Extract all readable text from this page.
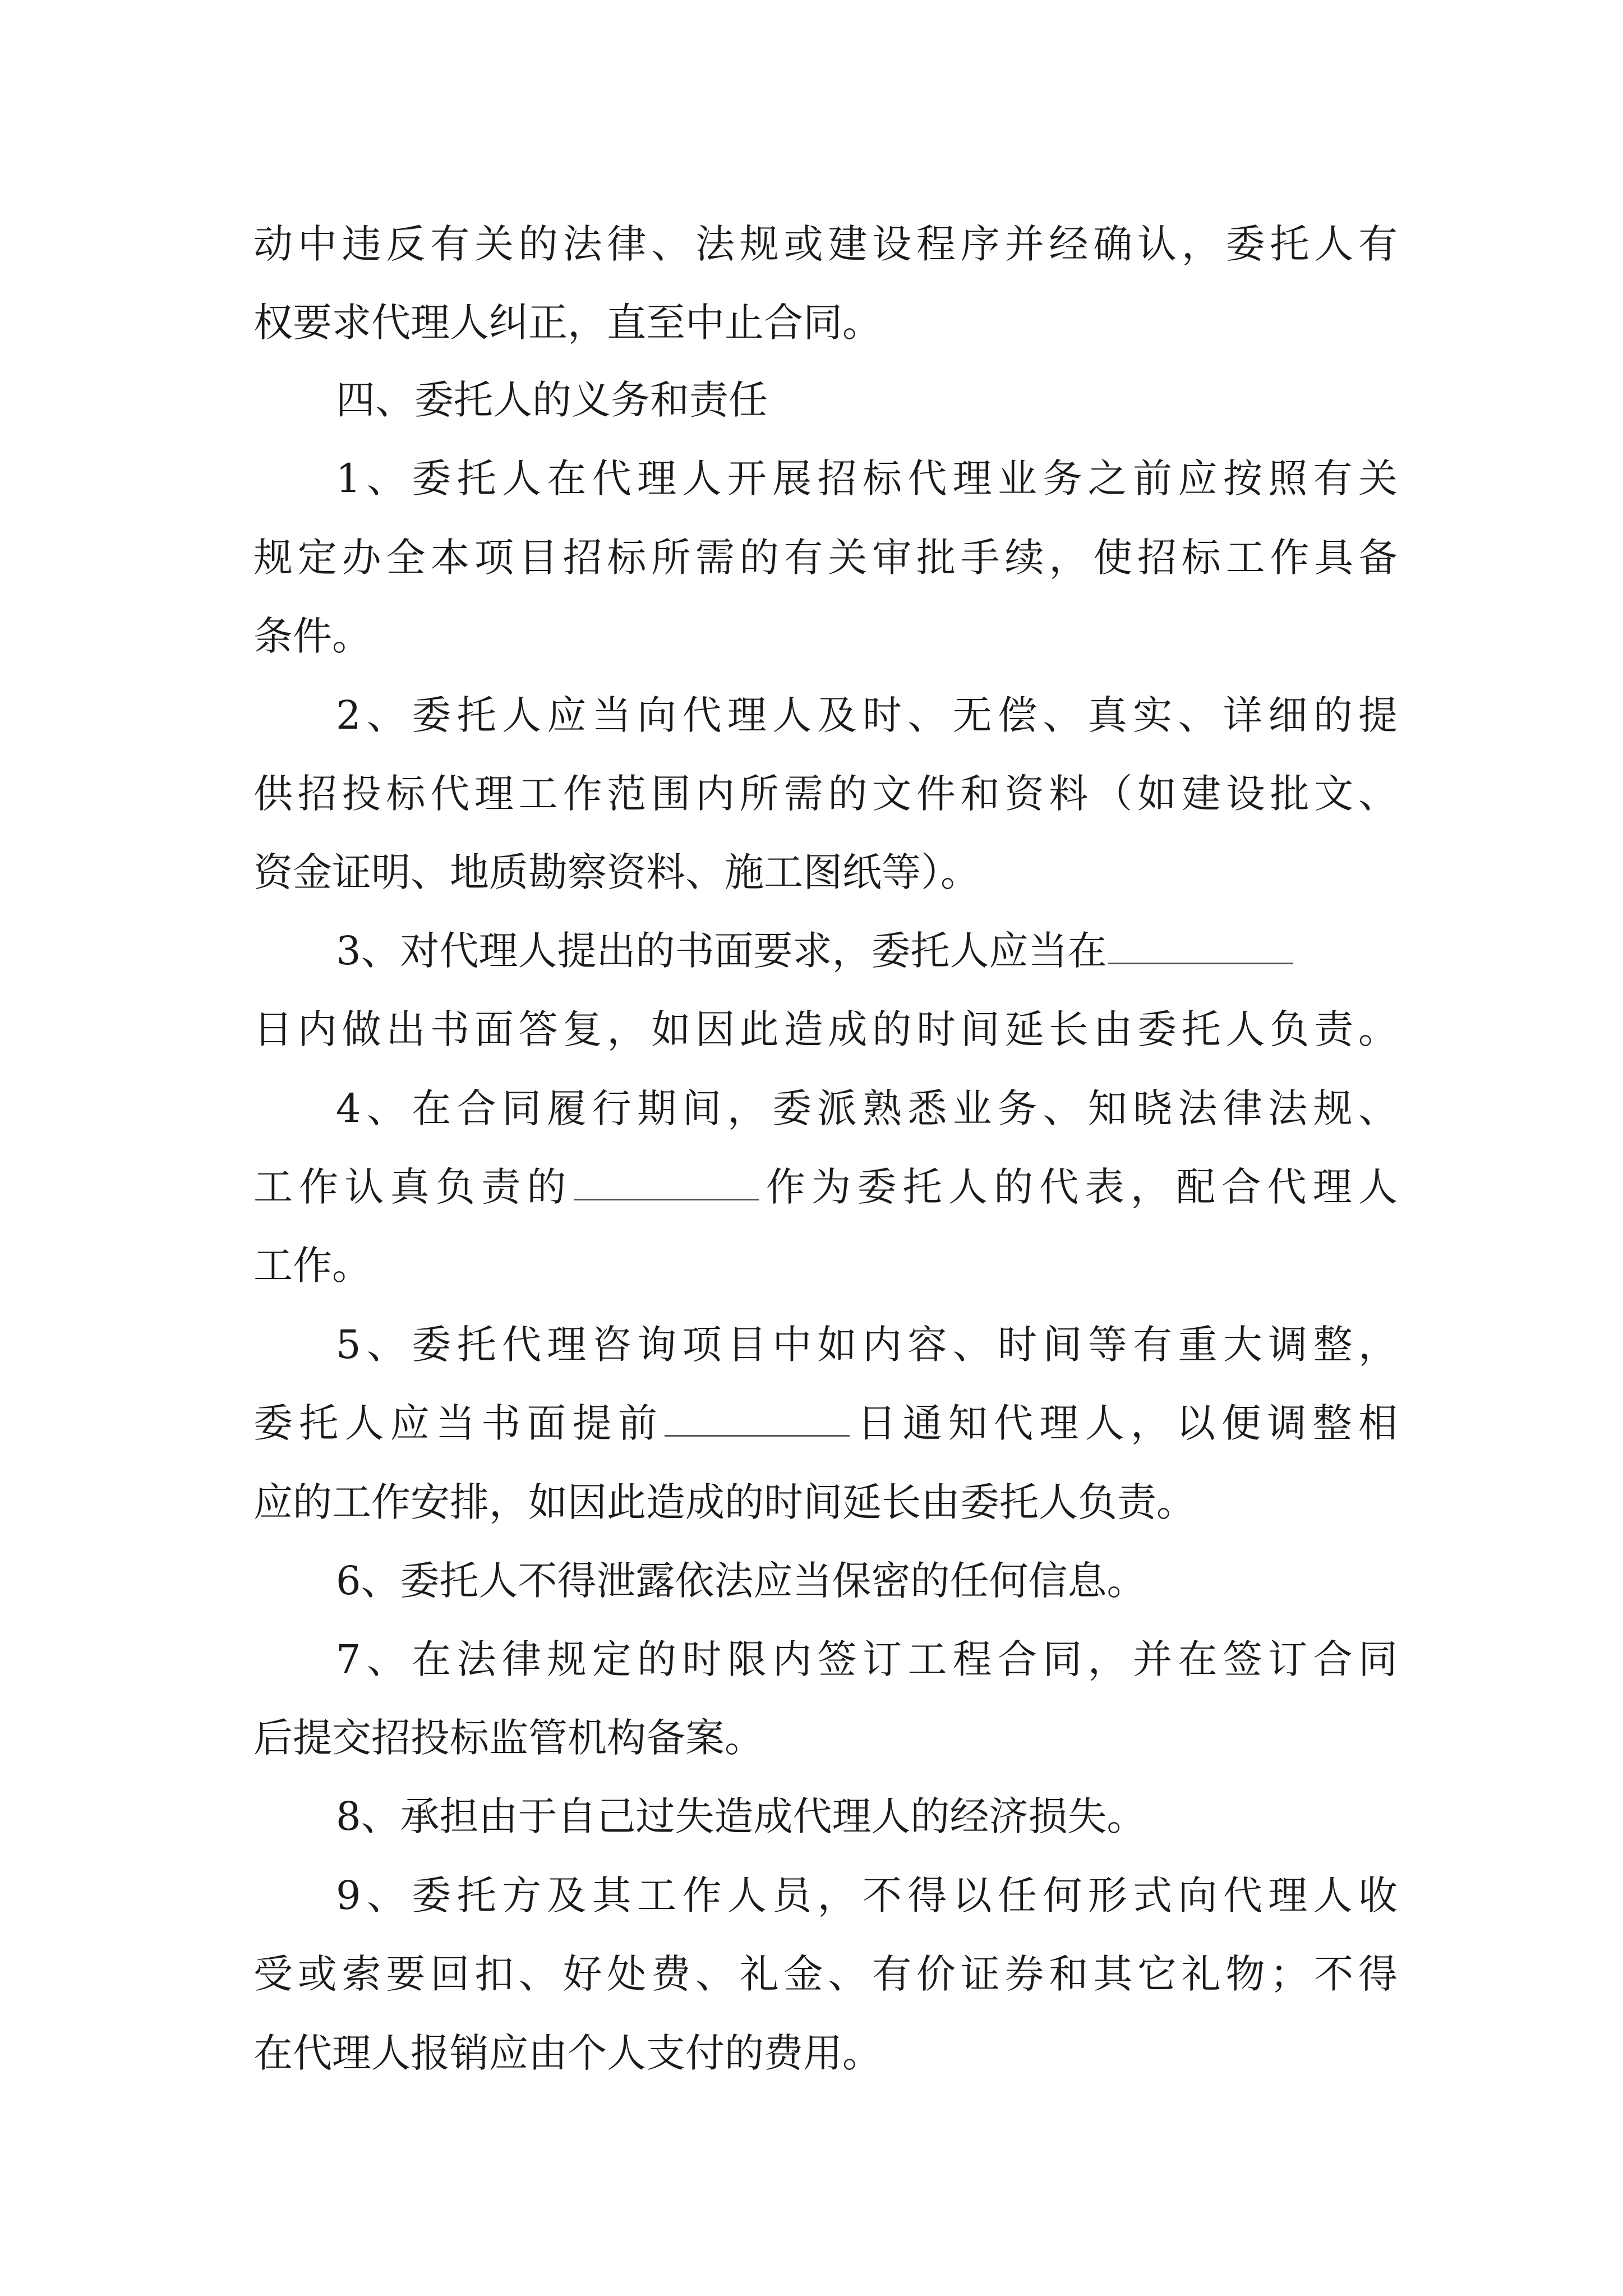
动中违反有关的法律、法规或建设程序并经确认，委托人有
权要求代理人纠正，直至中止合同。
四、委托人的义务和责任
1、委托人在代理人开展招标代理业务之前应按照有关
规定办全本项目招标所需的有关审批手续，使招标工作具备
条件。
2、委托人应当向代理人及时、无偿、真实、详细的提
供招投标代理工作范围内所需的文件和资料（如建设批文、
资金证明、地质勘察资料、施工图纸等）。
3、对代理人提出的书面要求，委托人应当在
日内做出书面答复，如因此造成的时间延长由委托人负责。
4、在合同履行期间，委派熟悉业务、知晓法律法规、
工作认真负责的	作为委托人的代表，配合代理人
工作。
5、委托代理咨询项目中如内容、时间等有重大调整，
委托人应当书面提前	日通知代理人，以便调整相
应的工作安排，如因此造成的时间延长由委托人负责。
6、委托人不得泄露依法应当保密的任何信息。
7、在法律规定的时限内签订工程合同，并在签订合同
后提交招投标监管机构备案。
8、承担由于自己过失造成代理人的经济损失。
9、委托方及其工作人员，不得以任何形式向代理人收
受或索要回扣、好处费、礼金、有价证券和其它礼物；不得
在代理人报销应由个人支付的费用。
